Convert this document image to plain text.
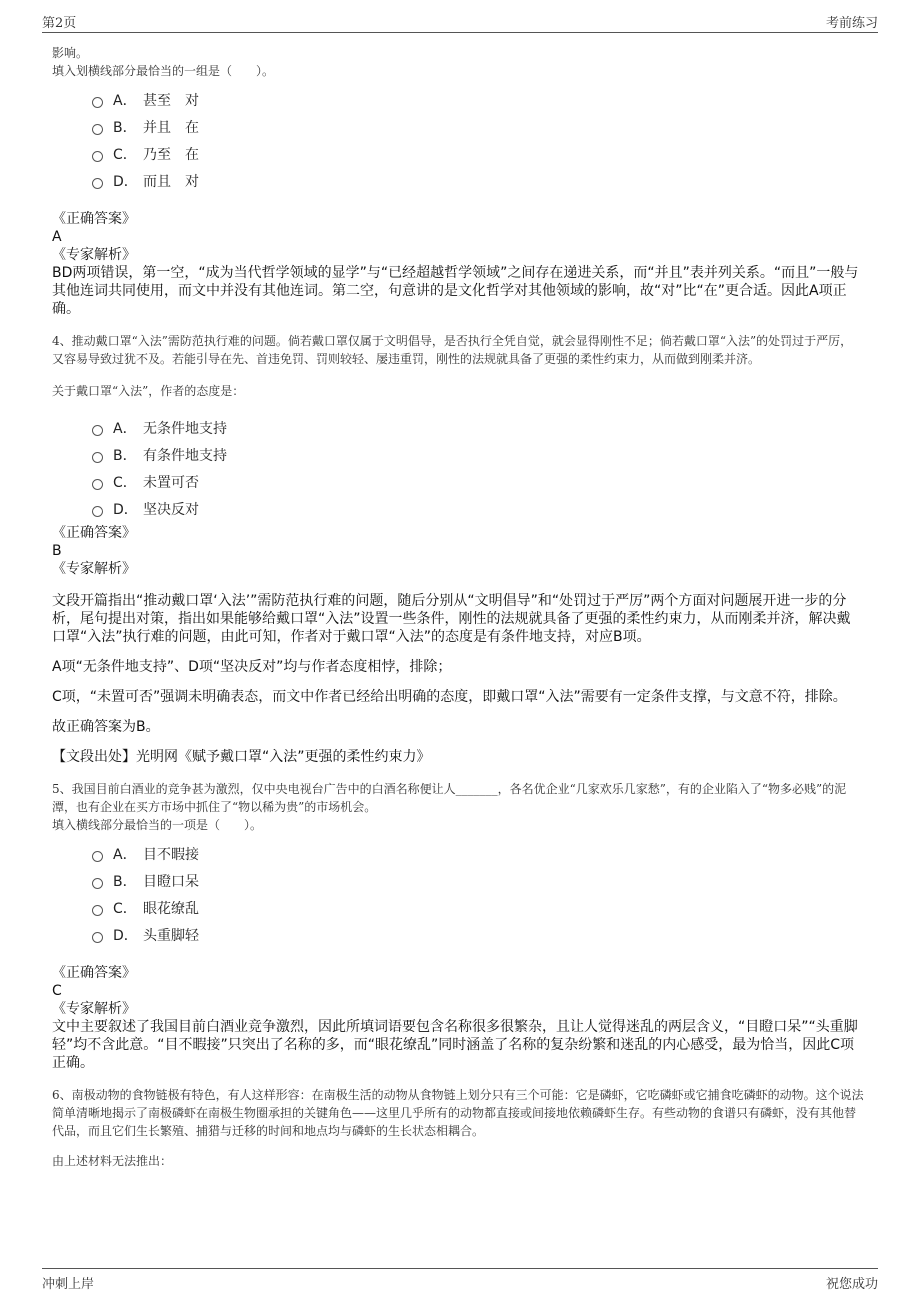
第2页	考前练习
影响。
填入划横线部分最恰当的一组是（　　）。
A． 甚至　对
B． 并且　在
C． 乃至　在
D． 而且　对
《正确答案》
A
《专家解析》
BD两项错误，第一空，“成为当代哲学领域的显学”与“已经超越哲学领域”之间存在递进关系，而“并且”表并列关系。“而且”一般与其他连词共同使用，而文中并没有其他连词。第二空，句意讲的是文化哲学对其他领域的影响，故“对”比“在”更合适。因此A项正确。
4、推动戴口罩“入法”需防范执行难的问题。倘若戴口罩仅属于文明倡导，是否执行全凭自觉，就会显得刚性不足；倘若戴口罩“入法”的处罚过于严厉，又容易导致过犹不及。若能引导在先、首违免罚、罚则较轻、屡违重罚，刚性的法规就具备了更强的柔性约束力，从而做到刚柔并济。
关于戴口罩“入法”，作者的态度是：
A． 无条件地支持
B． 有条件地支持
C． 未置可否
D． 坚决反对
《正确答案》
B
《专家解析》
文段开篇指出“推动戴口罩‘入法’”需防范执行难的问题，随后分别从“文明倡导”和“处罚过于严厉”两个方面对问题展开进一步的分析，尾句提出对策，指出如果能够给戴口罩“入法”设置一些条件，刚性的法规就具备了更强的柔性约束力，从而刚柔并济，解决戴口罩“入法”执行难的问题，由此可知，作者对于戴口罩“入法”的态度是有条件地支持，对应B项。
A项“无条件地支持”、D项“坚决反对”均与作者态度相悖，排除；
C项，“未置可否”强调未明确表态，而文中作者已经给出明确的态度，即戴口罩“入法”需要有一定条件支撑，与文意不符，排除。
故正确答案为B。
【文段出处】光明网《赋予戴口罩“入法”更强的柔性约束力》
5、我国目前白酒业的竞争甚为激烈，仅中央电视台广告中的白酒名称便让人_______，各名优企业“几家欢乐几家愁”，有的企业陷入了“物多必贱”的泥潭，也有企业在买方市场中抓住了“物以稀为贵”的市场机会。
填入横线部分最恰当的一项是（　　）。
A． 目不暇接
B． 目瞪口呆
C． 眼花缭乱
D． 头重脚轻
《正确答案》
C
《专家解析》
文中主要叙述了我国目前白酒业竞争激烈，因此所填词语要包含名称很多很繁杂，且让人觉得迷乱的两层含义，“目瞪口呆”“头重脚轻”均不含此意。“目不暇接”只突出了名称的多，而“眼花缭乱”同时涵盖了名称的复杂纷繁和迷乱的内心感受，最为恰当，因此C项正确。
6、南极动物的食物链极有特色，有人这样形容：在南极生活的动物从食物链上划分只有三个可能：它是磷虾，它吃磷虾或它捕食吃磷虾的动物。这个说法简单清晰地揭示了南极磷虾在南极生物圈承担的关键角色——这里几乎所有的动物都直接或间接地依赖磷虾生存。有些动物的食谱只有磷虾，没有其他替代品，而且它们生长繁殖、捕猎与迁移的时间和地点均与磷虾的生长状态相耦合。
由上述材料无法推出：
冲刺上岸	祝您成功
